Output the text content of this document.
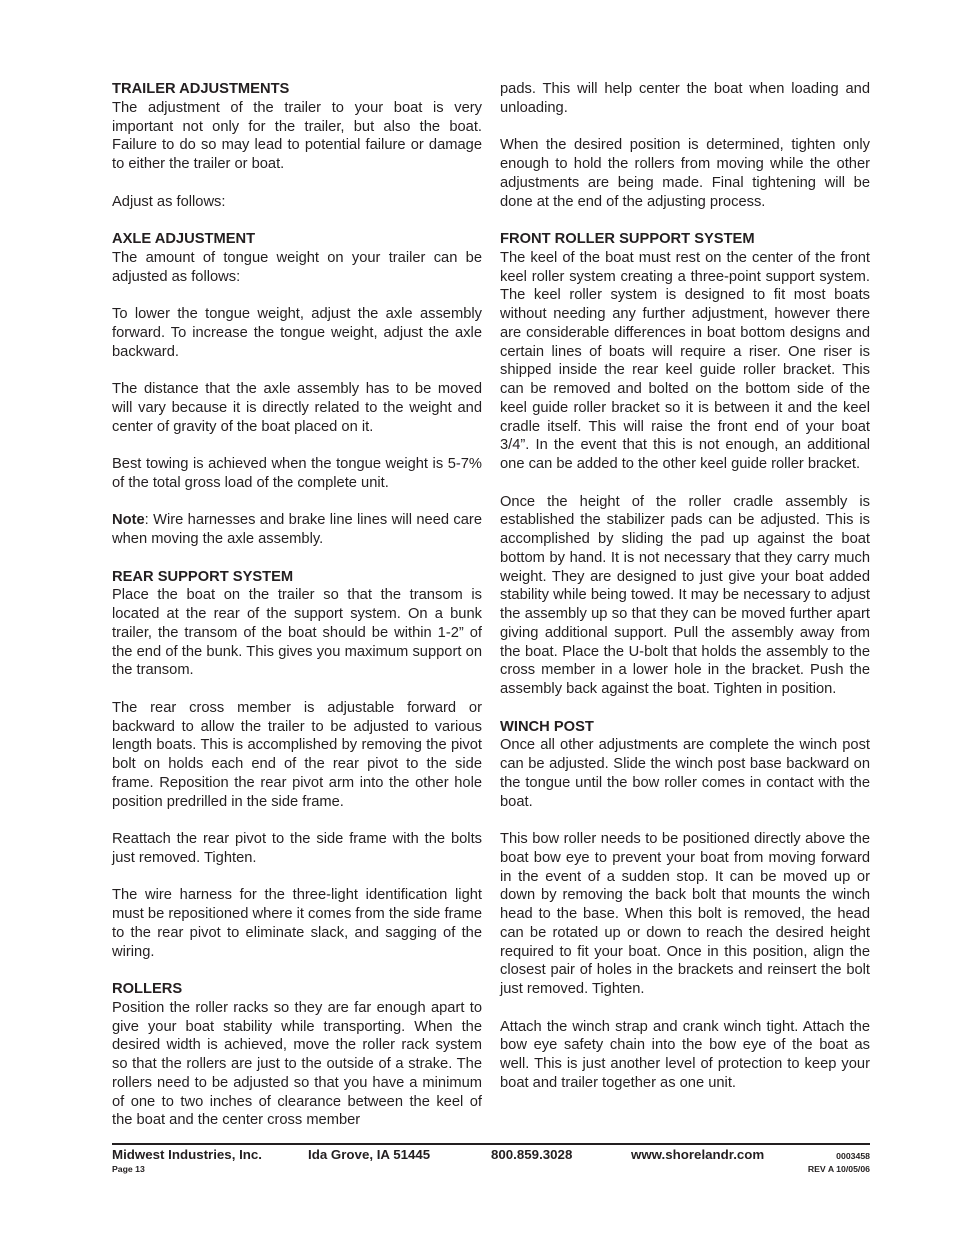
TRAILER ADJUSTMENTS

The adjustment of the trailer to your boat is very important not only for the trailer, but also the boat. Failure to do so may lead to potential failure or damage to either the trailer or boat.

Adjust as follows:

AXLE ADJUSTMENT

The amount of tongue weight on your trailer can be adjusted as follows:

To lower the tongue weight, adjust the axle assembly forward. To increase the tongue weight, adjust the axle backward.

The distance that the axle assembly has to be moved will vary because it is directly related to the weight and center of gravity of the boat placed on it.

Best towing is achieved when the tongue weight is 5-7% of the total gross load of the complete unit.

Note: Wire harnesses and brake line lines will need care when moving the axle assembly.

REAR SUPPORT SYSTEM

Place the boat on the trailer so that the transom is located at the rear of the support system. On a bunk trailer, the transom of the boat should be within 1-2” of the end of the bunk. This gives you maximum support on the transom.

The rear cross member is adjustable forward or backward to allow the trailer to be adjusted to various length boats. This is accomplished by removing the pivot bolt on holds each end of the rear pivot to the side frame. Reposition the rear pivot arm into the other hole position predrilled in the side frame.

Reattach the rear pivot to the side frame with the bolts just removed. Tighten.

The wire harness for the three-light identification light must be repositioned where it comes from the side frame to the rear pivot to eliminate slack, and sagging of the wiring.

ROLLERS

Position the roller racks so they are far enough apart to give your boat stability while transporting. When the desired width is achieved, move the roller rack system so that the rollers are just to the outside of a strake. The rollers need to be adjusted so that you have a minimum of one to two inches of clearance between the keel of the boat and the center cross member

pads. This will help center the boat when loading and unloading.

When the desired position is determined, tighten only enough to hold the rollers from moving while the other adjustments are being made. Final tightening will be done at the end of the adjusting process.

FRONT ROLLER SUPPORT SYSTEM

The keel of the boat must rest on the center of the front keel roller system creating a three-point support system. The keel roller system is designed to fit most boats without needing any further adjustment, however there are considerable differences in boat bottom designs and certain lines of boats will require a riser. One riser is shipped inside the rear keel guide roller bracket. This can be removed and bolted on the bottom side of the keel guide roller bracket so it is between it and the keel cradle itself. This will raise the front end of your boat 3/4”. In the event that this is not enough, an additional one can be added to the other keel guide roller bracket.

Once the height of the roller cradle assembly is established the stabilizer pads can be adjusted. This is accomplished by sliding the pad up against the boat bottom by hand. It is not necessary that they carry much weight. They are designed to just give your boat added stability while being towed. It may be necessary to adjust the assembly up so that they can be moved further apart giving additional support. Pull the assembly away from the boat. Place the U-bolt that holds the assembly to the cross member in a lower hole in the bracket. Push the assembly back against the boat. Tighten in position.

WINCH POST

Once all other adjustments are complete the winch post can be adjusted. Slide the winch post base backward on the tongue until the bow roller comes in contact with the boat.

This bow roller needs to be positioned directly above the boat bow eye to prevent your boat from moving forward in the event of a sudden stop. It can be moved up or down by removing the back bolt that mounts the winch head to the base. When this bolt is removed, the head can be rotated up or down to reach the desired height required to fit your boat. Once in this position, align the closest pair of holes in the brackets and reinsert the bolt just removed. Tighten.

Attach the winch strap and crank winch tight. Attach the bow eye safety chain into the bow eye of the boat as well. This is just another level of protection to keep your boat and trailer together as one unit.

Midwest Industries, Inc.	Ida Grove, IA 51445	800.859.3028	www.shorelandr.com	0003458
Page 13	REV A 10/05/06
